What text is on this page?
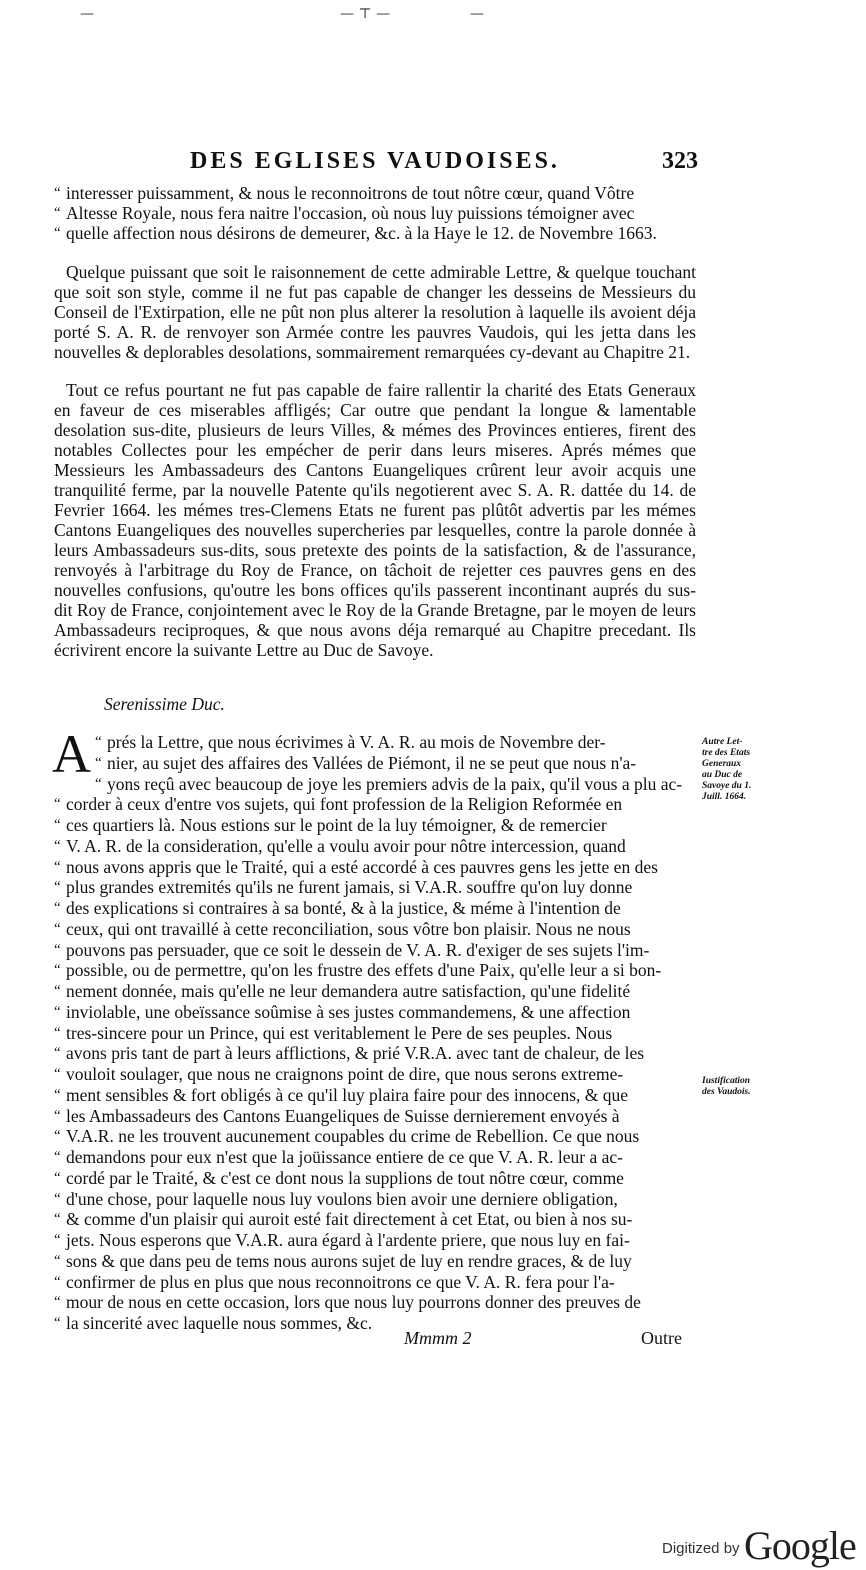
—	— ⊤ —	—
DES EGLISES VAUDOISES.	323

“ interesser puissamment, & nous le reconnoitrons de tout nôtre cœur, quand Vôtre

“ Altesse Royale, nous fera naitre l'occasion, où nous luy puissions témoigner avec

“ quelle affection nous désirons de demeurer, &c. à la Haye le 12. de Novembre 1663.

Quelque puissant que soit le raisonnement de cette admirable Lettre, & quelque touchant que soit son style, comme il ne fut pas capable de changer les desseins de Messieurs du Conseil de l'Extirpation, elle ne pût non plus alterer la resolution à laquelle ils avoient déja porté S. A. R. de renvoyer son Armée contre les pauvres Vaudois, qui les jetta dans les nouvelles & deplorables desolations, sommairement remarquées cy-devant au Chapitre 21.

Tout ce refus pourtant ne fut pas capable de faire rallentir la charité des Etats Generaux en faveur de ces miserables affligés; Car outre que pendant la longue & lamentable desolation sus-dite, plusieurs de leurs Villes, & mémes des Provinces entieres, firent des notables Collectes pour les empécher de perir dans leurs miseres. Aprés mémes que Messieurs les Ambassadeurs des Cantons Euangeliques crûrent leur avoir acquis une tranquilité ferme, par la nouvelle Patente qu'ils negotierent avec S. A. R. dattée du 14. de Fevrier 1664. les mémes tres-Clemens Etats ne furent pas plûtôt advertis par les mémes Cantons Euangeliques des nouvelles supercheries par lesquelles, contre la parole donnée à leurs Ambassadeurs sus-dits, sous pretexte des points de la satisfaction, & de l'assurance, renvoyés à l'arbitrage du Roy de France, on tâchoit de rejetter ces pauvres gens en des nouvelles confusions, qu'outre les bons offices qu'ils passerent incontinant auprés du sus-dit Roy de France, conjointement avec le Roy de la Grande Bretagne, par le moyen de leurs Ambassadeurs reciproques, & que nous avons déja remarqué au Chapitre precedant. Ils écrivirent encore la suivante Lettre au Duc de Savoye.

Serenissime Duc.
A

“ prés la Lettre, que nous écrivimes à V. A. R. au mois de Novembre der-

“ nier, au sujet des affaires des Vallées de Piémont, il ne se peut que nous n'a-

“ yons reçû avec beaucoup de joye les premiers advis de la paix, qu'il vous a plu ac-

“ corder à ceux d'entre vos sujets, qui font profession de la Religion Reformée en

“ ces quartiers là. Nous estions sur le point de la luy témoigner, & de remercier

“ V. A. R. de la consideration, qu'elle a voulu avoir pour nôtre intercession, quand

“ nous avons appris que le Traité, qui a esté accordé à ces pauvres gens les jette en des

“ plus grandes extremités qu'ils ne furent jamais, si V.A.R. souffre qu'on luy donne

“ des explications si contraires à sa bonté, & à la justice, & méme à l'intention de

“ ceux, qui ont travaillé à cette reconciliation, sous vôtre bon plaisir. Nous ne nous

“ pouvons pas persuader, que ce soit le dessein de V. A. R. d'exiger de ses sujets l'im-

“ possible, ou de permettre, qu'on les frustre des effets d'une Paix, qu'elle leur a si bon-

“ nement donnée, mais qu'elle ne leur demandera autre satisfaction, qu'une fidelité

“ inviolable, une obeïssance soûmise à ses justes commandemens, & une affection

“ tres-sincere pour un Prince, qui est veritablement le Pere de ses peuples. Nous

“ avons pris tant de part à leurs afflictions, & prié V.R.A. avec tant de chaleur, de les

“ vouloit soulager, que nous ne craignons point de dire, que nous serons extreme-

“ ment sensibles & fort obligés à ce qu'il luy plaira faire pour des innocens, & que

“ les Ambassadeurs des Cantons Euangeliques de Suisse dernierement envoyés à

“ V.A.R. ne les trouvent aucunement coupables du crime de Rebellion. Ce que nous

“ demandons pour eux n'est que la joüissance entiere de ce que V. A. R. leur a ac-

“ cordé par le Traité, & c'est ce dont nous la supplions de tout nôtre cœur, comme

“ d'une chose, pour laquelle nous luy voulons bien avoir une derniere obligation,

“ & comme d'un plaisir qui auroit esté fait directement à cet Etat, ou bien à nos su-

“ jets. Nous esperons que V.A.R. aura égard à l'ardente priere, que nous luy en fai-

“ sons & que dans peu de tems nous aurons sujet de luy en rendre graces, & de luy

“ confirmer de plus en plus que nous reconnoitrons ce que V. A. R. fera pour l'a-

“ mour de nous en cette occasion, lors que nous luy pourrons donner des preuves de

“ la sincerité avec laquelle nous sommes, &c.

Autre Let-
tre des Etats
Generaux
au Duc de
Savoye du 1.
Juill. 1664.
Iustification
des Vaudois.
Mmmm 2	Outre
Digitized by Google
